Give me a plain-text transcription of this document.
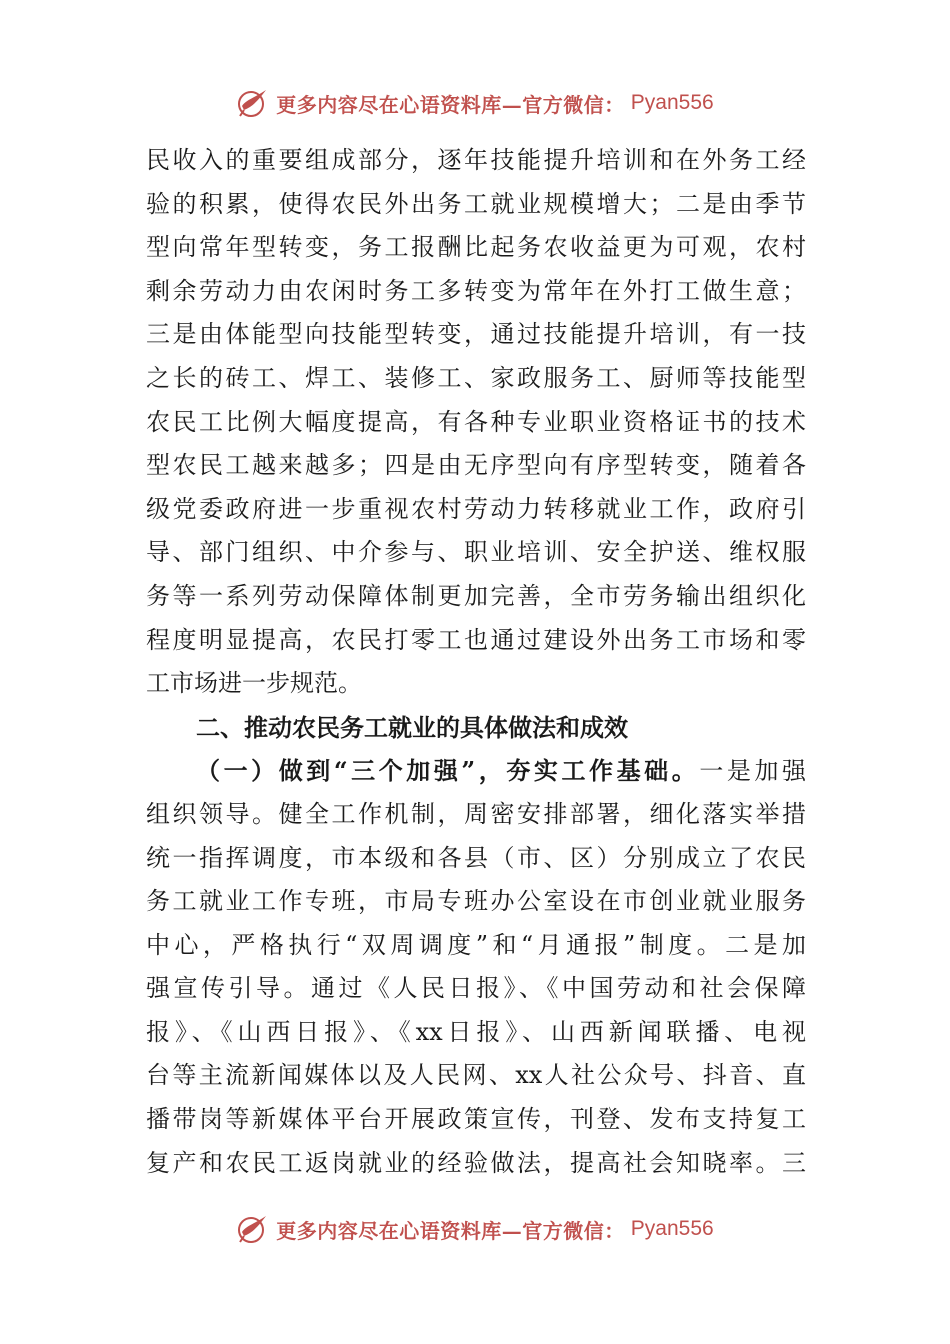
更多内容尽在心语资料库—官方微信： Pyan556
民收入的重要组成部分，逐年技能提升培训和在外务工经
验的积累，使得农民外出务工就业规模增大；二是由季节
型向常年型转变，务工报酬比起务农收益更为可观，农村
剩余劳动力由农闲时务工多转变为常年在外打工做生意；
三是由体能型向技能型转变，通过技能提升培训，有一技
之长的砖工、焊工、装修工、家政服务工、厨师等技能型
农民工比例大幅度提高，有各种专业职业资格证书的技术
型农民工越来越多；四是由无序型向有序型转变，随着各
级党委政府进一步重视农村劳动力转移就业工作，政府引
导、部门组织、中介参与、职业培训、安全护送、维权服
务等一系列劳动保障体制更加完善，全市劳务输出组织化
程度明显提高，农民打零工也通过建设外出务工市场和零
工市场进一步规范。
二、推动农民务工就业的具体做法和成效
（一）做到“三个加强”，夯实工作基础。一是加强
组织领导。健全工作机制，周密安排部署，细化落实举措
统一指挥调度，市本级和各县（市、区）分别成立了农民
务工就业工作专班，市局专班办公室设在市创业就业服务
中心，严格执行“双周调度”和“月通报”制度。二是加
强宣传引导。通过《人民日报》、《中国劳动和社会保障
报》、《山西日报》、《xx日报》、山西新闻联播、电视
台等主流新闻媒体以及人民网、xx人社公众号、抖音、直
播带岗等新媒体平台开展政策宣传，刊登、发布支持复工
复产和农民工返岗就业的经验做法，提高社会知晓率。三
更多内容尽在心语资料库—官方微信： Pyan556
